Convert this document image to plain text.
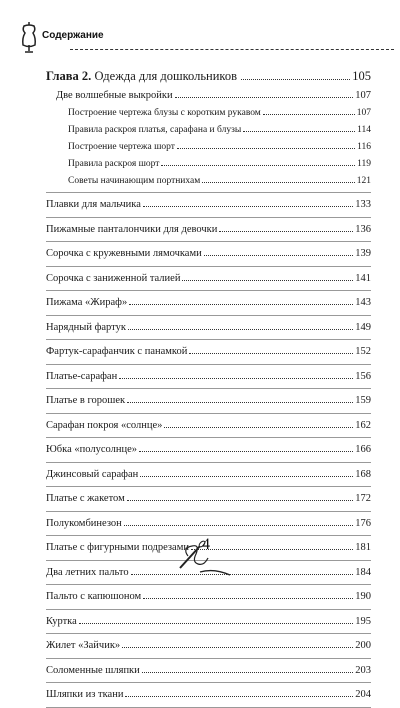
Содержание
Глава 2.
Одежда для дошкольников	105
Две волшебные выкройки	107
Построение чертежа блузы с коротким рукавом	107
Правила раскроя платья, сарафана и блузы	114
Построение чертежа шорт	116
Правила раскроя шорт	119
Советы начинающим портнихам	121
Плавки для мальчика	133
Пижамные панталончики для девочки	136
Сорочка с кружевными лямочками	139
Сорочка с заниженной талией	141
Пижама «Жираф»	143
Нарядный фартук	149
Фартук-сарафанчик с панамкой	152
Платье-сарафан	156
Платье в горошек	159
Сарафан покроя «солнце»	162
Юбка «полусолнце»	166
Джинсовый сарафан	168
Платье с жакетом	172
Полукомбинезон	176
Платье с фигурными подрезами	181
Два летних пальто	184
Пальто с капюшоном	190
Куртка	195
Жилет «Зайчик»	200
Соломенные шляпки	203
Шляпки из ткани	204
4
